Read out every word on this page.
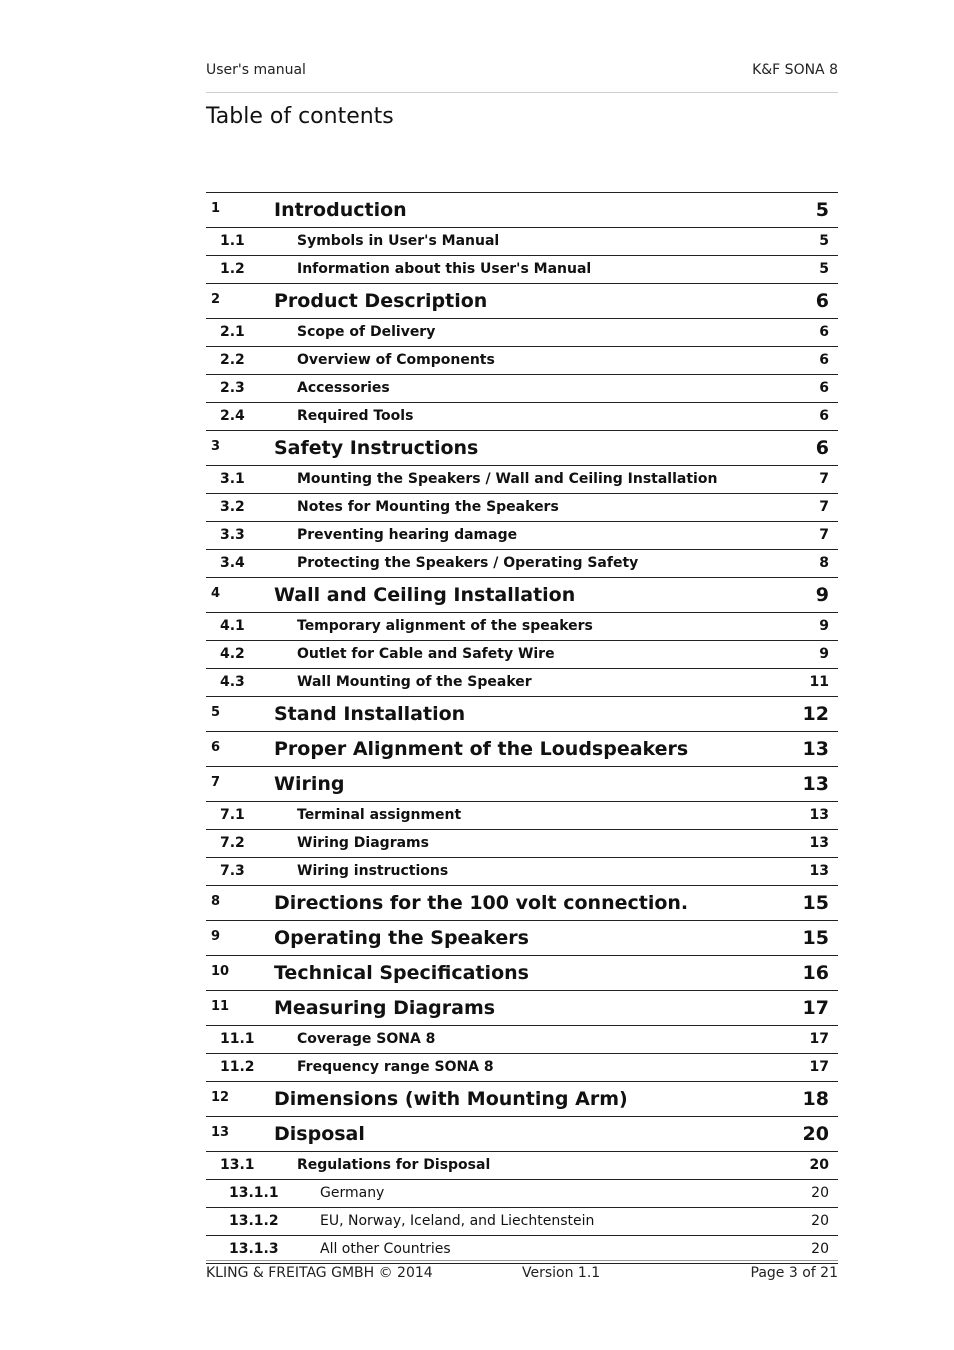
User's manual	K&F SONA 8
Table of contents
1	Introduction	5
1.1	Symbols in User's Manual	5
1.2	Information about this User's Manual	5
2	Product Description	6
2.1	Scope of Delivery	6
2.2	Overview of Components	6
2.3	Accessories	6
2.4	Required Tools	6
3	Safety Instructions	6
3.1	Mounting the Speakers / Wall and Ceiling Installation	7
3.2	Notes for Mounting the Speakers	7
3.3	Preventing hearing damage	7
3.4	Protecting the Speakers / Operating Safety	8
4	Wall and Ceiling Installation	9
4.1	Temporary alignment of the speakers	9
4.2	Outlet for Cable and Safety Wire	9
4.3	Wall Mounting of the Speaker	11
5	Stand Installation	12
6	Proper Alignment of the Loudspeakers	13
7	Wiring	13
7.1	Terminal assignment	13
7.2	Wiring Diagrams	13
7.3	Wiring instructions	13
8	Directions for the 100 volt connection.	15
9	Operating the Speakers	15
10 Technical Specifications	16
11 Measuring Diagrams	17
11.1	Coverage SONA 8	17
11.2	Frequency range SONA 8	17
12 Dimensions (with Mounting Arm)	18
13 Disposal	20
13.1	Regulations for Disposal	20
13.1.1	Germany	20
13.1.2	EU, Norway, Iceland, and Liechtenstein	20
13.1.3	All other Countries	20
KLING & FREITAG GMBH © 2014	Version 1.1	Page 3 of 21
